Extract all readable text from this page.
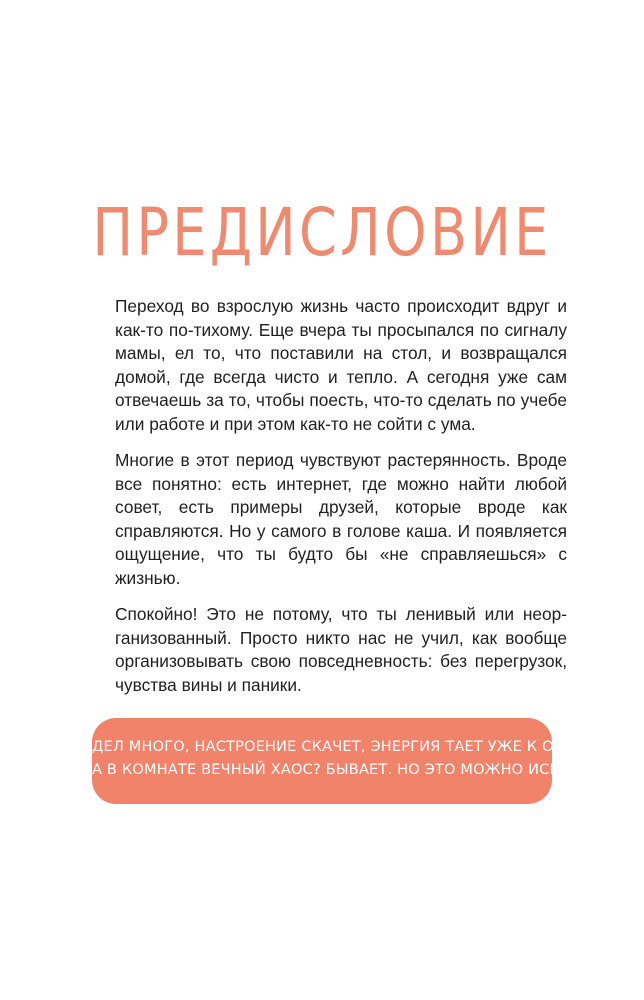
ПРЕДИСЛОВИЕ

Переход во взрослую жизнь часто происходит вдруг и как-то по-тихому. Еще вчера ты просыпался по сигналу мамы, ел то, что поставили на стол, и возвращался домой, где всегда чисто и тепло. А сегодня уже сам отвечаешь за то, чтобы поесть, что-то сделать по учебе или работе и при этом как-то не сойти с ума.

Многие в этот период чувствуют растерянность. Вроде все понятно: есть интернет, где можно найти любой совет, есть примеры друзей, которые вроде как справляются. Но у самого в голове каша. И появляется ощущение, что ты будто бы «не справляешься» с жизнью.

Спокойно! Это не потому, что ты ленивый или неорганизованный. Просто никто нас не учил, как вообще организовывать свою повседневность: без перегрузок, чувства вины и паники.

ДЕЛ МНОГО, НАСТРОЕНИЕ СКАЧЕТ, ЭНЕРГИЯ ТАЕТ УЖЕ К ОБЕДУ,
А В КОМНАТЕ ВЕЧНЫЙ ХАОС? БЫВАЕТ. НО ЭТО МОЖНО ИСПРАВИТЬ.
